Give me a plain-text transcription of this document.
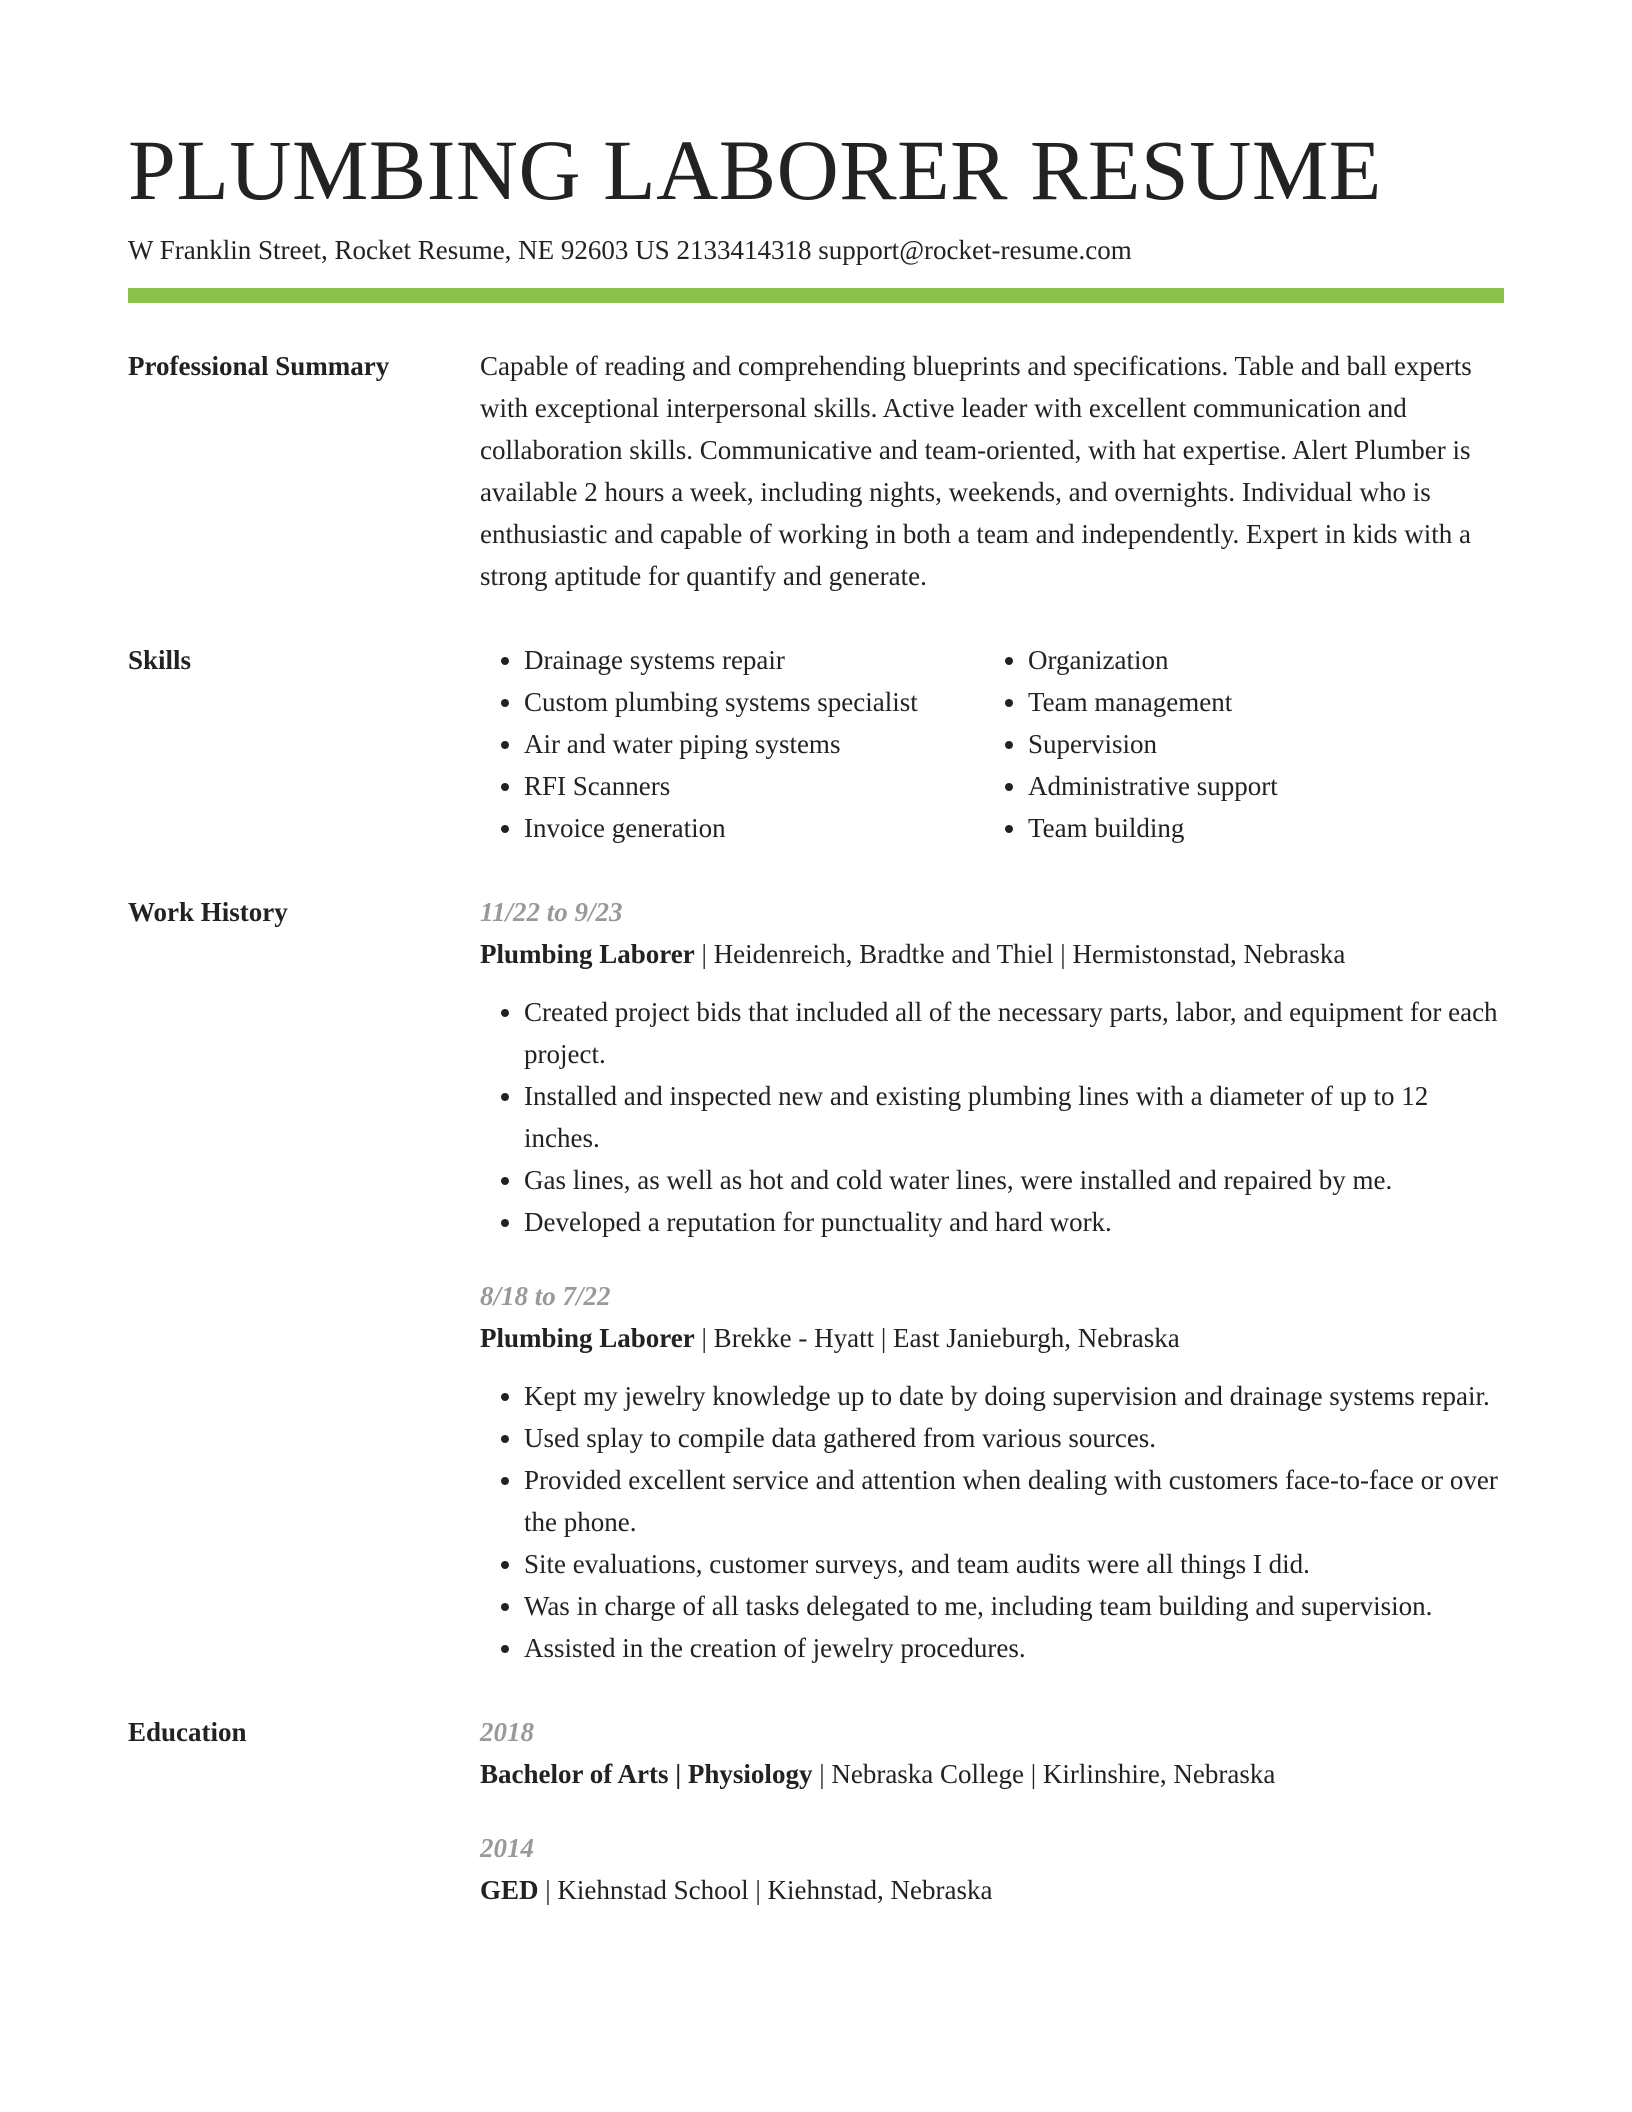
PLUMBING LABORER RESUME
W Franklin Street, Rocket Resume, NE 92603 US 2133414318 support@rocket-resume.com
Professional Summary	Capable of reading and comprehending blueprints and specifications. Table and ball experts with exceptional interpersonal skills. Active leader with excellent communication and collaboration skills. Communicative and team-oriented, with hat expertise. Alert Plumber is available 2 hours a week, including nights, weekends, and overnights. Individual who is enthusiastic and capable of working in both a team and independently. Expert in kids with a strong aptitude for quantify and generate.

Skills
•	Drainage systems repair
• Custom plumbing systems specialist
• Air and water piping systems
• RFI Scanners
• Invoice generation
• Organization
• Team management
• Supervision
• Administrative support
• Team building
Work History	11/22 to 9/23
Plumbing Laborer | Heidenreich, Bradtke and Thiel | Hermistonstad, Nebraska
• Created project bids that included all of the necessary parts, labor, and equipment for each project.
• Installed and inspected new and existing plumbing lines with a diameter of up to 12 inches.
• Gas lines, as well as hot and cold water lines, were installed and repaired by me.
• Developed a reputation for punctuality and hard work.
8/18 to 7/22
Plumbing Laborer | Brekke - Hyatt | East Janieburgh, Nebraska
• Kept my jewelry knowledge up to date by doing supervision and drainage systems repair.
• Used splay to compile data gathered from various sources.
• Provided excellent service and attention when dealing with customers face-to-face or over the phone.
• Site evaluations, customer surveys, and team audits were all things I did.
• Was in charge of all tasks delegated to me, including team building and supervision.
• Assisted in the creation of jewelry procedures.
Education	2018
Bachelor of Arts | Physiology | Nebraska College | Kirlinshire, Nebraska
2014
GED | Kiehnstad School | Kiehnstad, Nebraska
